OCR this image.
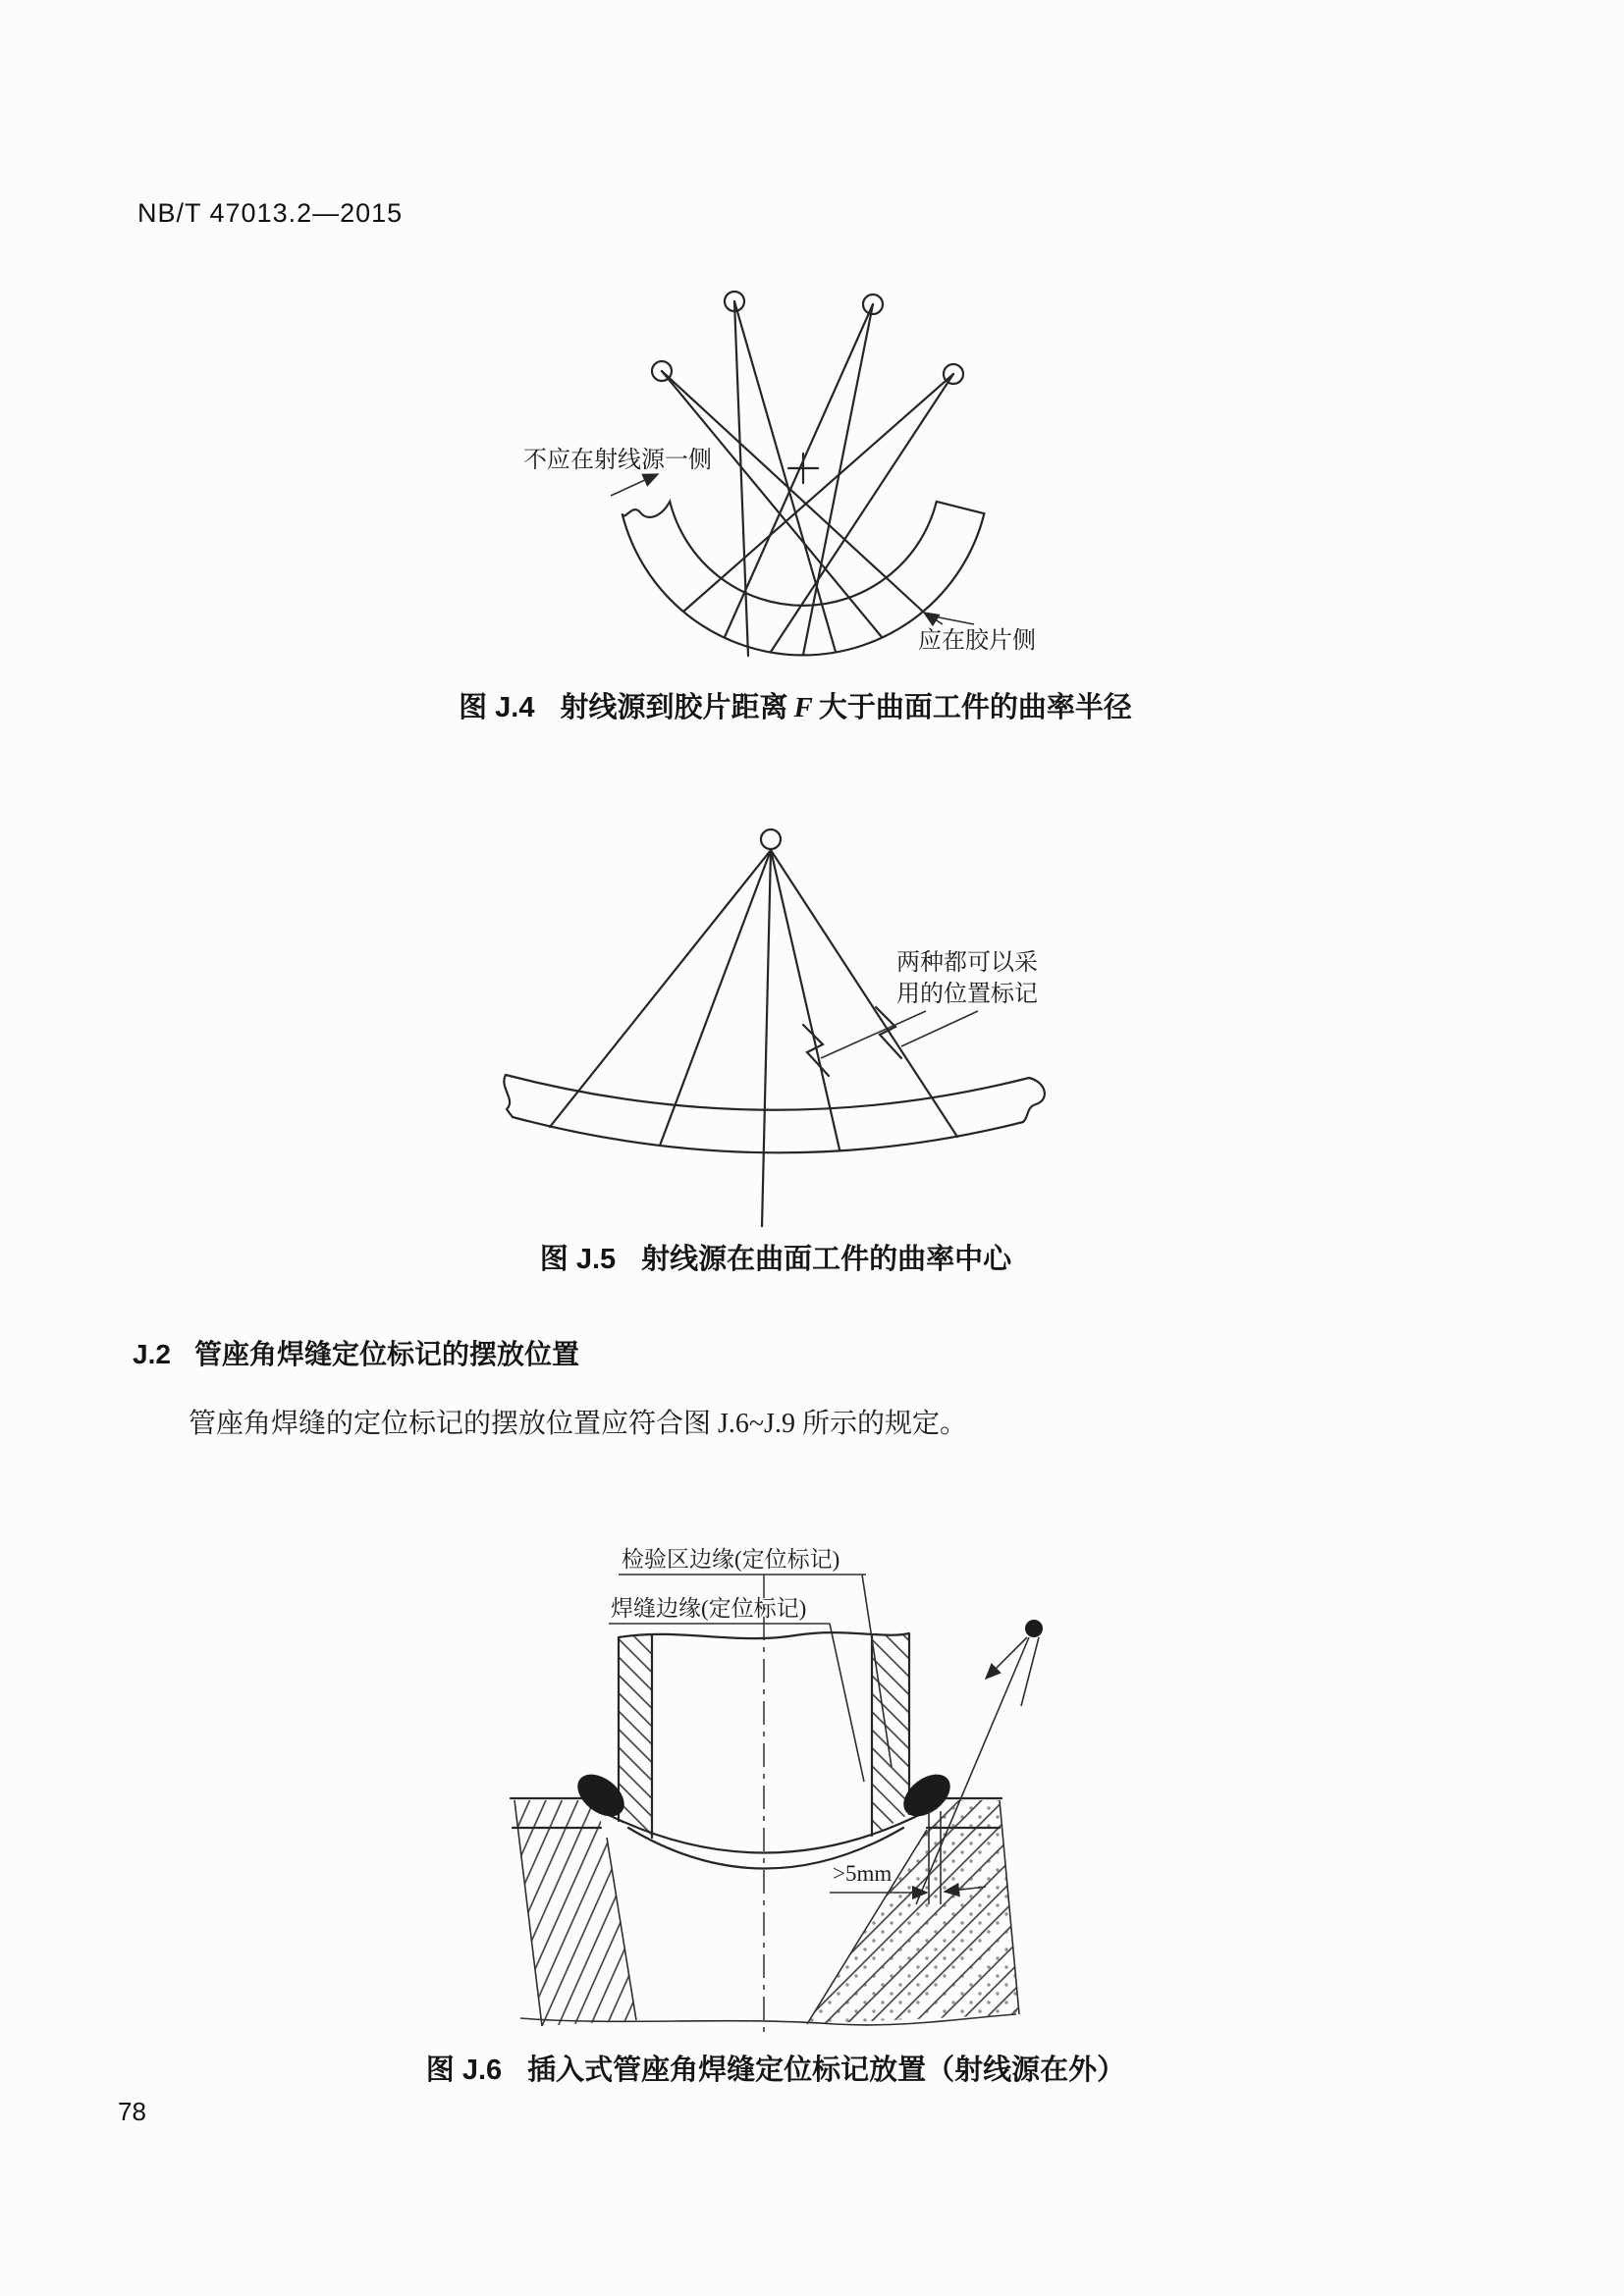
NB/T 47013.2—2015
不应在射线源一侧
应在胶片侧
图 J.4 射线源到胶片距离 F 大于曲面工件的曲率半径
两种都可以采
用的位置标记
图 J.5 射线源在曲面工件的曲率中心
J.2 管座角焊缝定位标记的摆放位置
管座角焊缝的定位标记的摆放位置应符合图 J.6~J.9 所示的规定。
检验区边缘(定位标记)
焊缝边缘(定位标记)
>5mm
图 J.6 插入式管座角焊缝定位标记放置（射线源在外）
78
